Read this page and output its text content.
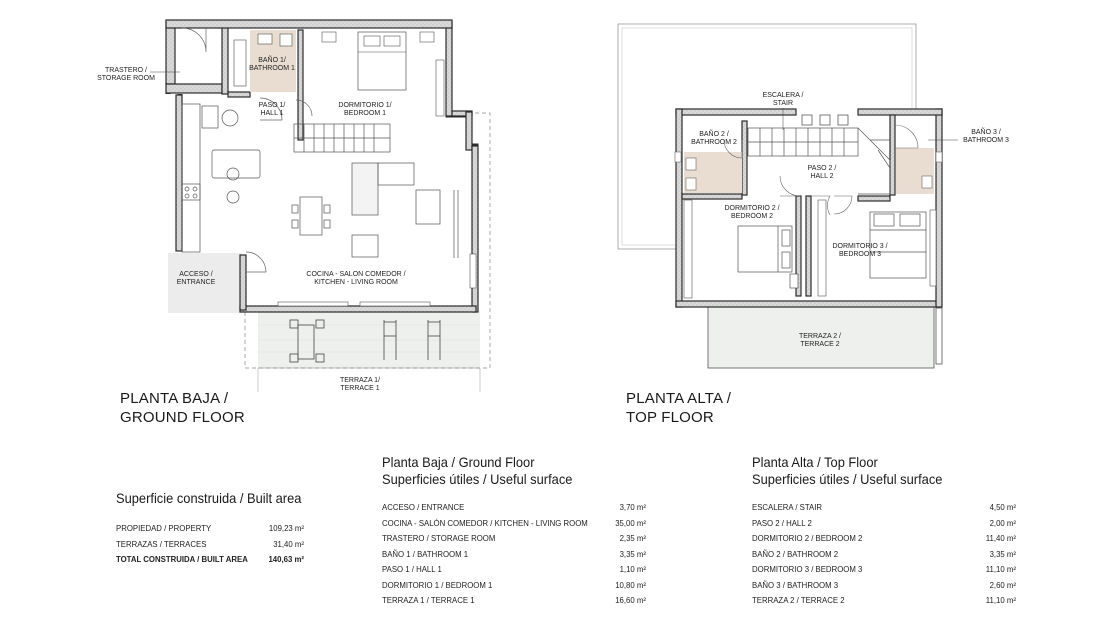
TRASTERO /
STORAGE ROOM
BAÑO 1/
BATHROOM 1
PASO 1/
HALL 1
DORMITORIO 1/
BEDROOM 1
ACCESO /
ENTRANCE
COCINA - SALON COMEDOR /
KITCHEN - LIVING ROOM
TERRAZA 1/
TERRACE 1
ESCALERA /
STAIR
BAÑO 2 /
BATHROOM 2
BAÑO 3 /
BATHROOM 3
PASO 2 /
HALL 2
DORMITORIO 2 /
BEDROOM 2
DORMITORIO 3 /
BEDROOM 3
TERRAZA 2 /
TERRACE 2
PLANTA BAJA /
GROUND FLOOR
PLANTA ALTA /
TOP FLOOR
Superficie construida / Built area
PROPIEDAD / PROPERTY	109,23 m²
TERRAZAS / TERRACES	31,40 m²
TOTAL CONSTRUIDA / BUILT AREA	140,63 m²
Planta Baja / Ground Floor
Superficies útiles / Useful surface
ACCESO / ENTRANCE	3,70 m²
COCINA - SALÓN COMEDOR / KITCHEN - LIVING ROOM	35,00 m²
TRASTERO / STORAGE ROOM	2,35 m²
BAÑO 1 / BATHROOM 1	3,35 m²
PASO 1 / HALL 1	1,10 m²
DORMITORIO 1 / BEDROOM 1	10,80 m²
TERRAZA 1 / TERRACE 1	16,60 m²
Planta Alta / Top Floor
Superficies útiles / Useful surface
ESCALERA / STAIR	4,50 m²
PASO 2 / HALL 2	2,00 m²
DORMITORIO 2 / BEDROOM 2	11,40 m²
BAÑO 2 / BATHROOM 2	3,35 m²
DORMITORIO 3 / BEDROOM 3	11,10 m²
BAÑO 3 / BATHROOM 3	2,60 m²
TERRAZA 2 / TERRACE 2	11,10 m²
